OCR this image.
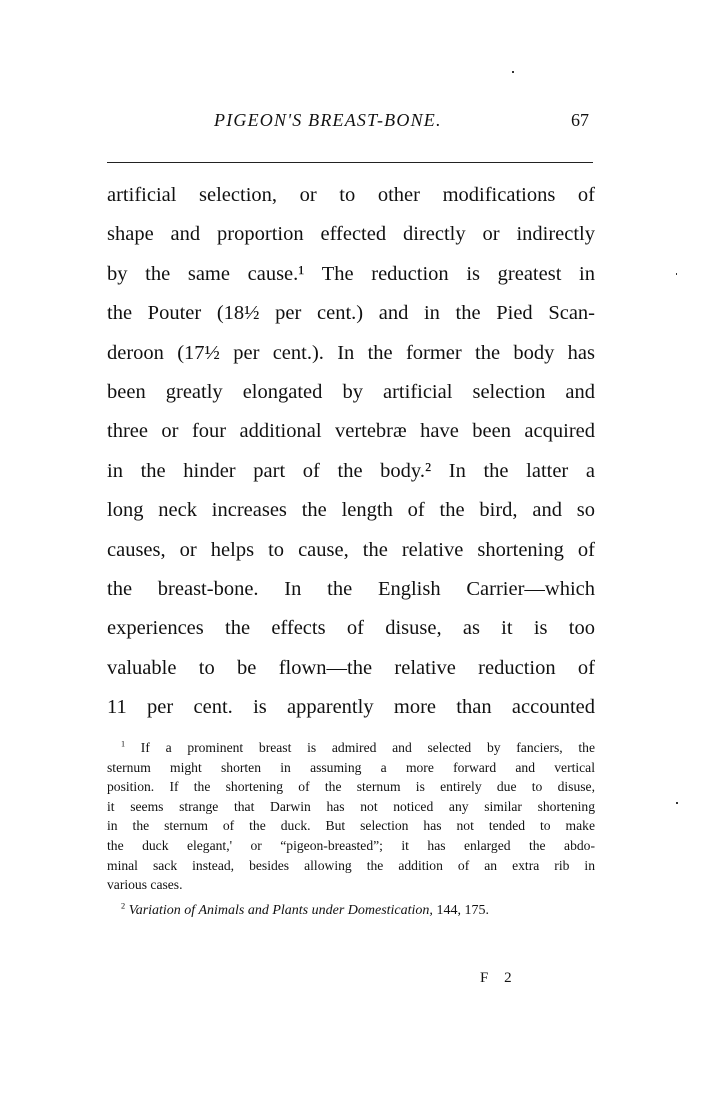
PIGEON'S BREAST-BONE.	67
artificial selection, or to other modifications of
shape and proportion effected directly or indirectly
by the same cause.¹ The reduction is greatest in
the Pouter (18½ per cent.) and in the Pied Scan-
deroon (17½ per cent.). In the former the body has
been greatly elongated by artificial selection and
three or four additional vertebræ have been acquired
in the hinder part of the body.² In the latter a
long neck increases the length of the bird, and so
causes, or helps to cause, the relative shortening of
the breast-bone. In the English Carrier—which
experiences the effects of disuse, as it is too
valuable to be flown—the relative reduction of
11 per cent. is apparently more than accounted
$^1$ If a prominent breast is admired and selected by fanciers, the
sternum might shorten in assuming a more forward and vertical
position. If the shortening of the sternum is entirely due to disuse,
it seems strange that Darwin has not noticed any similar shortening
in the sternum of the duck. But selection has not tended to make
the duck elegant,' or “pigeon-breasted”; it has enlarged the abdo-
minal sack instead, besides allowing the addition of an extra rib in
various cases.
$^2$ Variation of Animals and Plants under Domestication, 144, 175.
F 2
